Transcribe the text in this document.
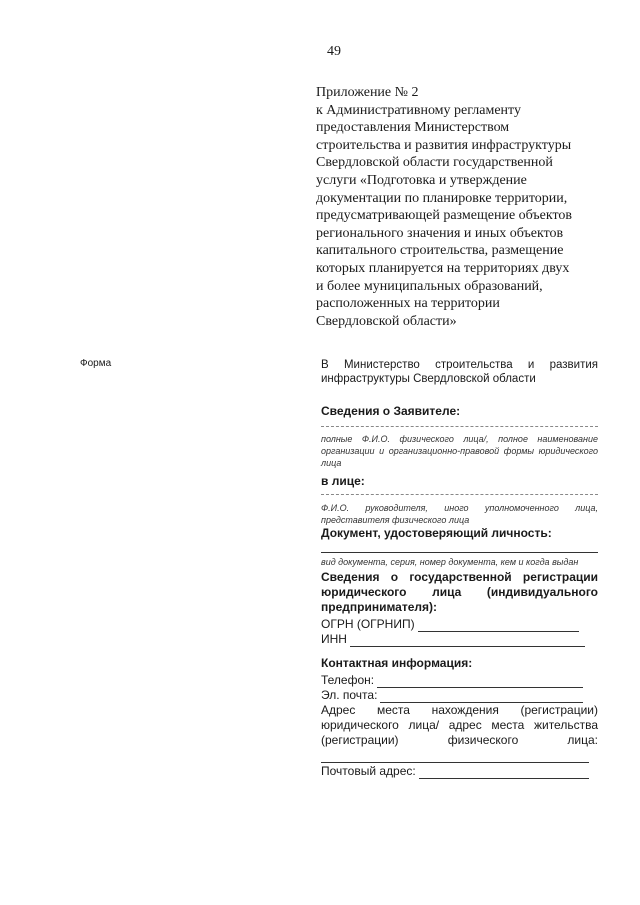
49
Приложение № 2
к Административному регламенту
предоставления Министерством
строительства и развития инфраструктуры
Свердловской области государственной
услуги «Подготовка и утверждение
документации по планировке территории,
предусматривающей размещение объектов
регионального значения и иных объектов
капитального строительства, размещение
которых планируется на территориях двух
и более муниципальных образований,
расположенных на территории
Свердловской области»
Форма	В Министерство строительства и развития
инфраструктуры Свердловской области
Сведения о Заявителе:
полные Ф.И.О. физического лица/, полное наименование
организации и организационно-правовой формы юридического
лица
в лице:
Ф.И.О. руководителя, иного уполномоченного лица,
представителя физического лица
Документ, удостоверяющий личность:
вид документа, серия, номер документа, кем и когда выдан
Сведения о государственной регистрации
юридического лица (индивидуального
предпринимателя):
ОГРН (ОГРНИП)
ИНН
Контактная информация:
Телефон:
Эл. почта:
Адрес места нахождения (регистрации)
юридического лица/ адрес места жительства
(регистрации) физического лица:
Почтовый адрес:
